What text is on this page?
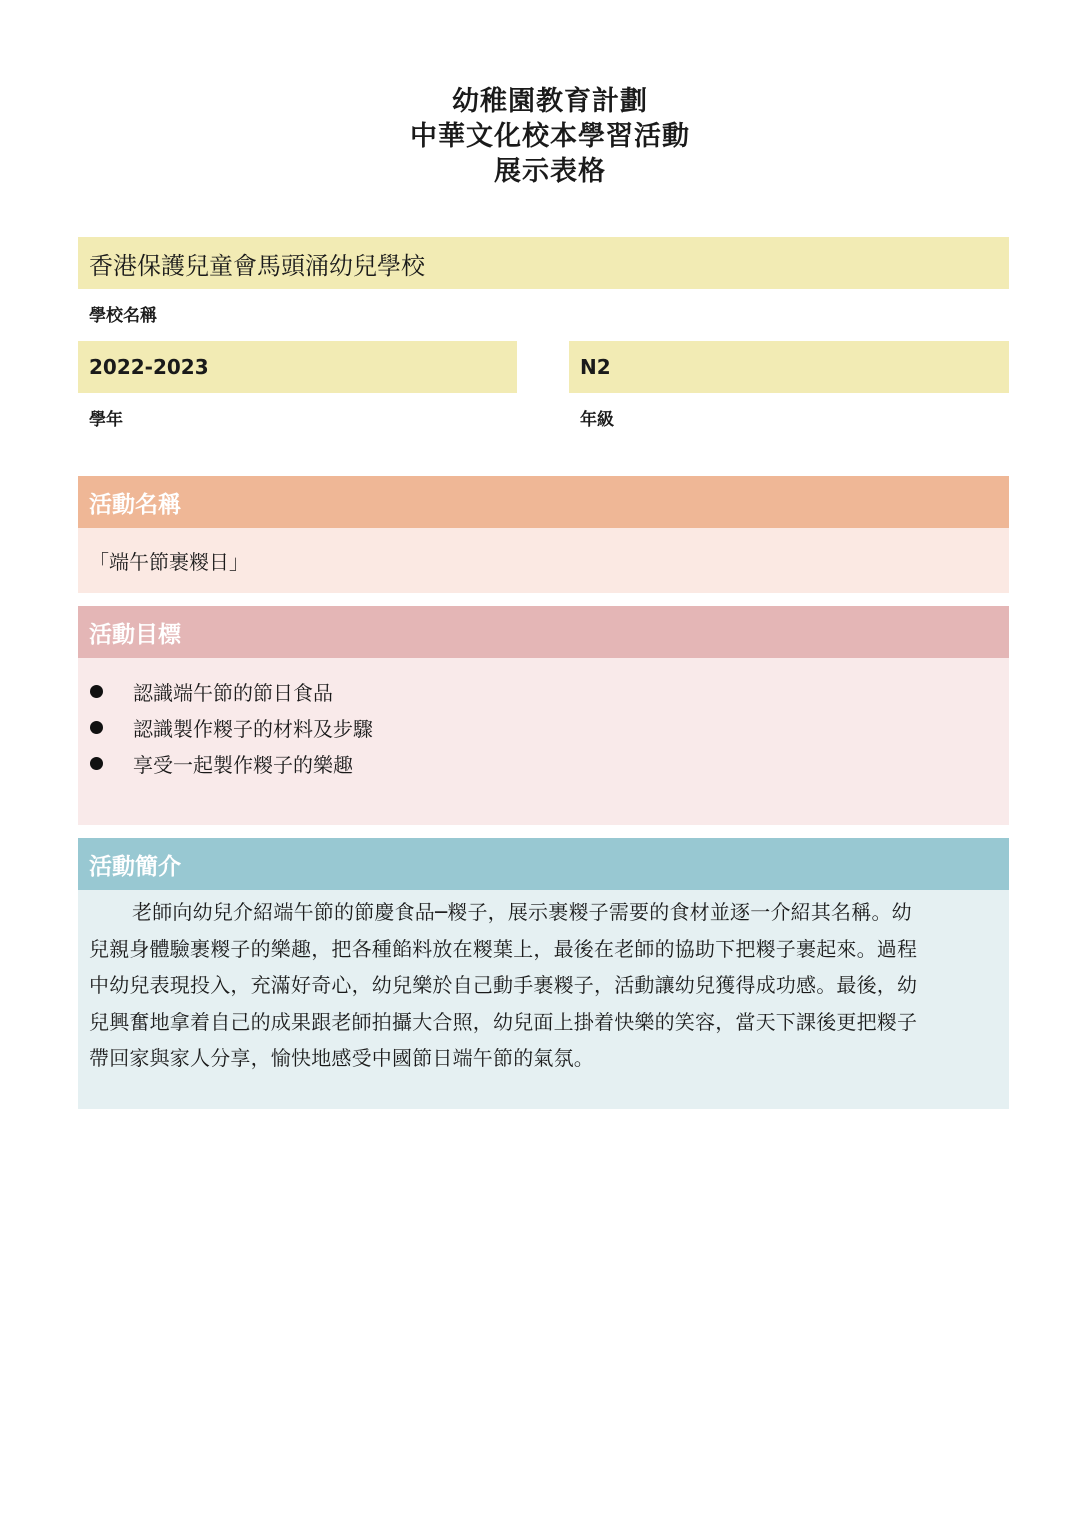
幼稚園教育計劃
中華文化校本學習活動
展示表格
香港保護兒童會馬頭涌幼兒學校
學校名稱
2022-2023
學年
N2
年級
活動名稱
「端午節裹糉日」
活動目標
認識端午節的節日食品
認識製作糉子的材料及步驟
享受一起製作糉子的樂趣
活動簡介
老師向幼兒介紹端午節的節慶食品─糉子，展示裹糉子需要的食材並逐一介紹其名稱。幼
兒親身體驗裹糉子的樂趣，把各種餡料放在糉葉上，最後在老師的協助下把糉子裹起來。過程
中幼兒表現投入，充滿好奇心，幼兒樂於自己動手裹糉子，活動讓幼兒獲得成功感。最後，幼
兒興奮地拿着自己的成果跟老師拍攝大合照，幼兒面上掛着快樂的笑容，當天下課後更把糉子
帶回家與家人分享，愉快地感受中國節日端午節的氣氛。
